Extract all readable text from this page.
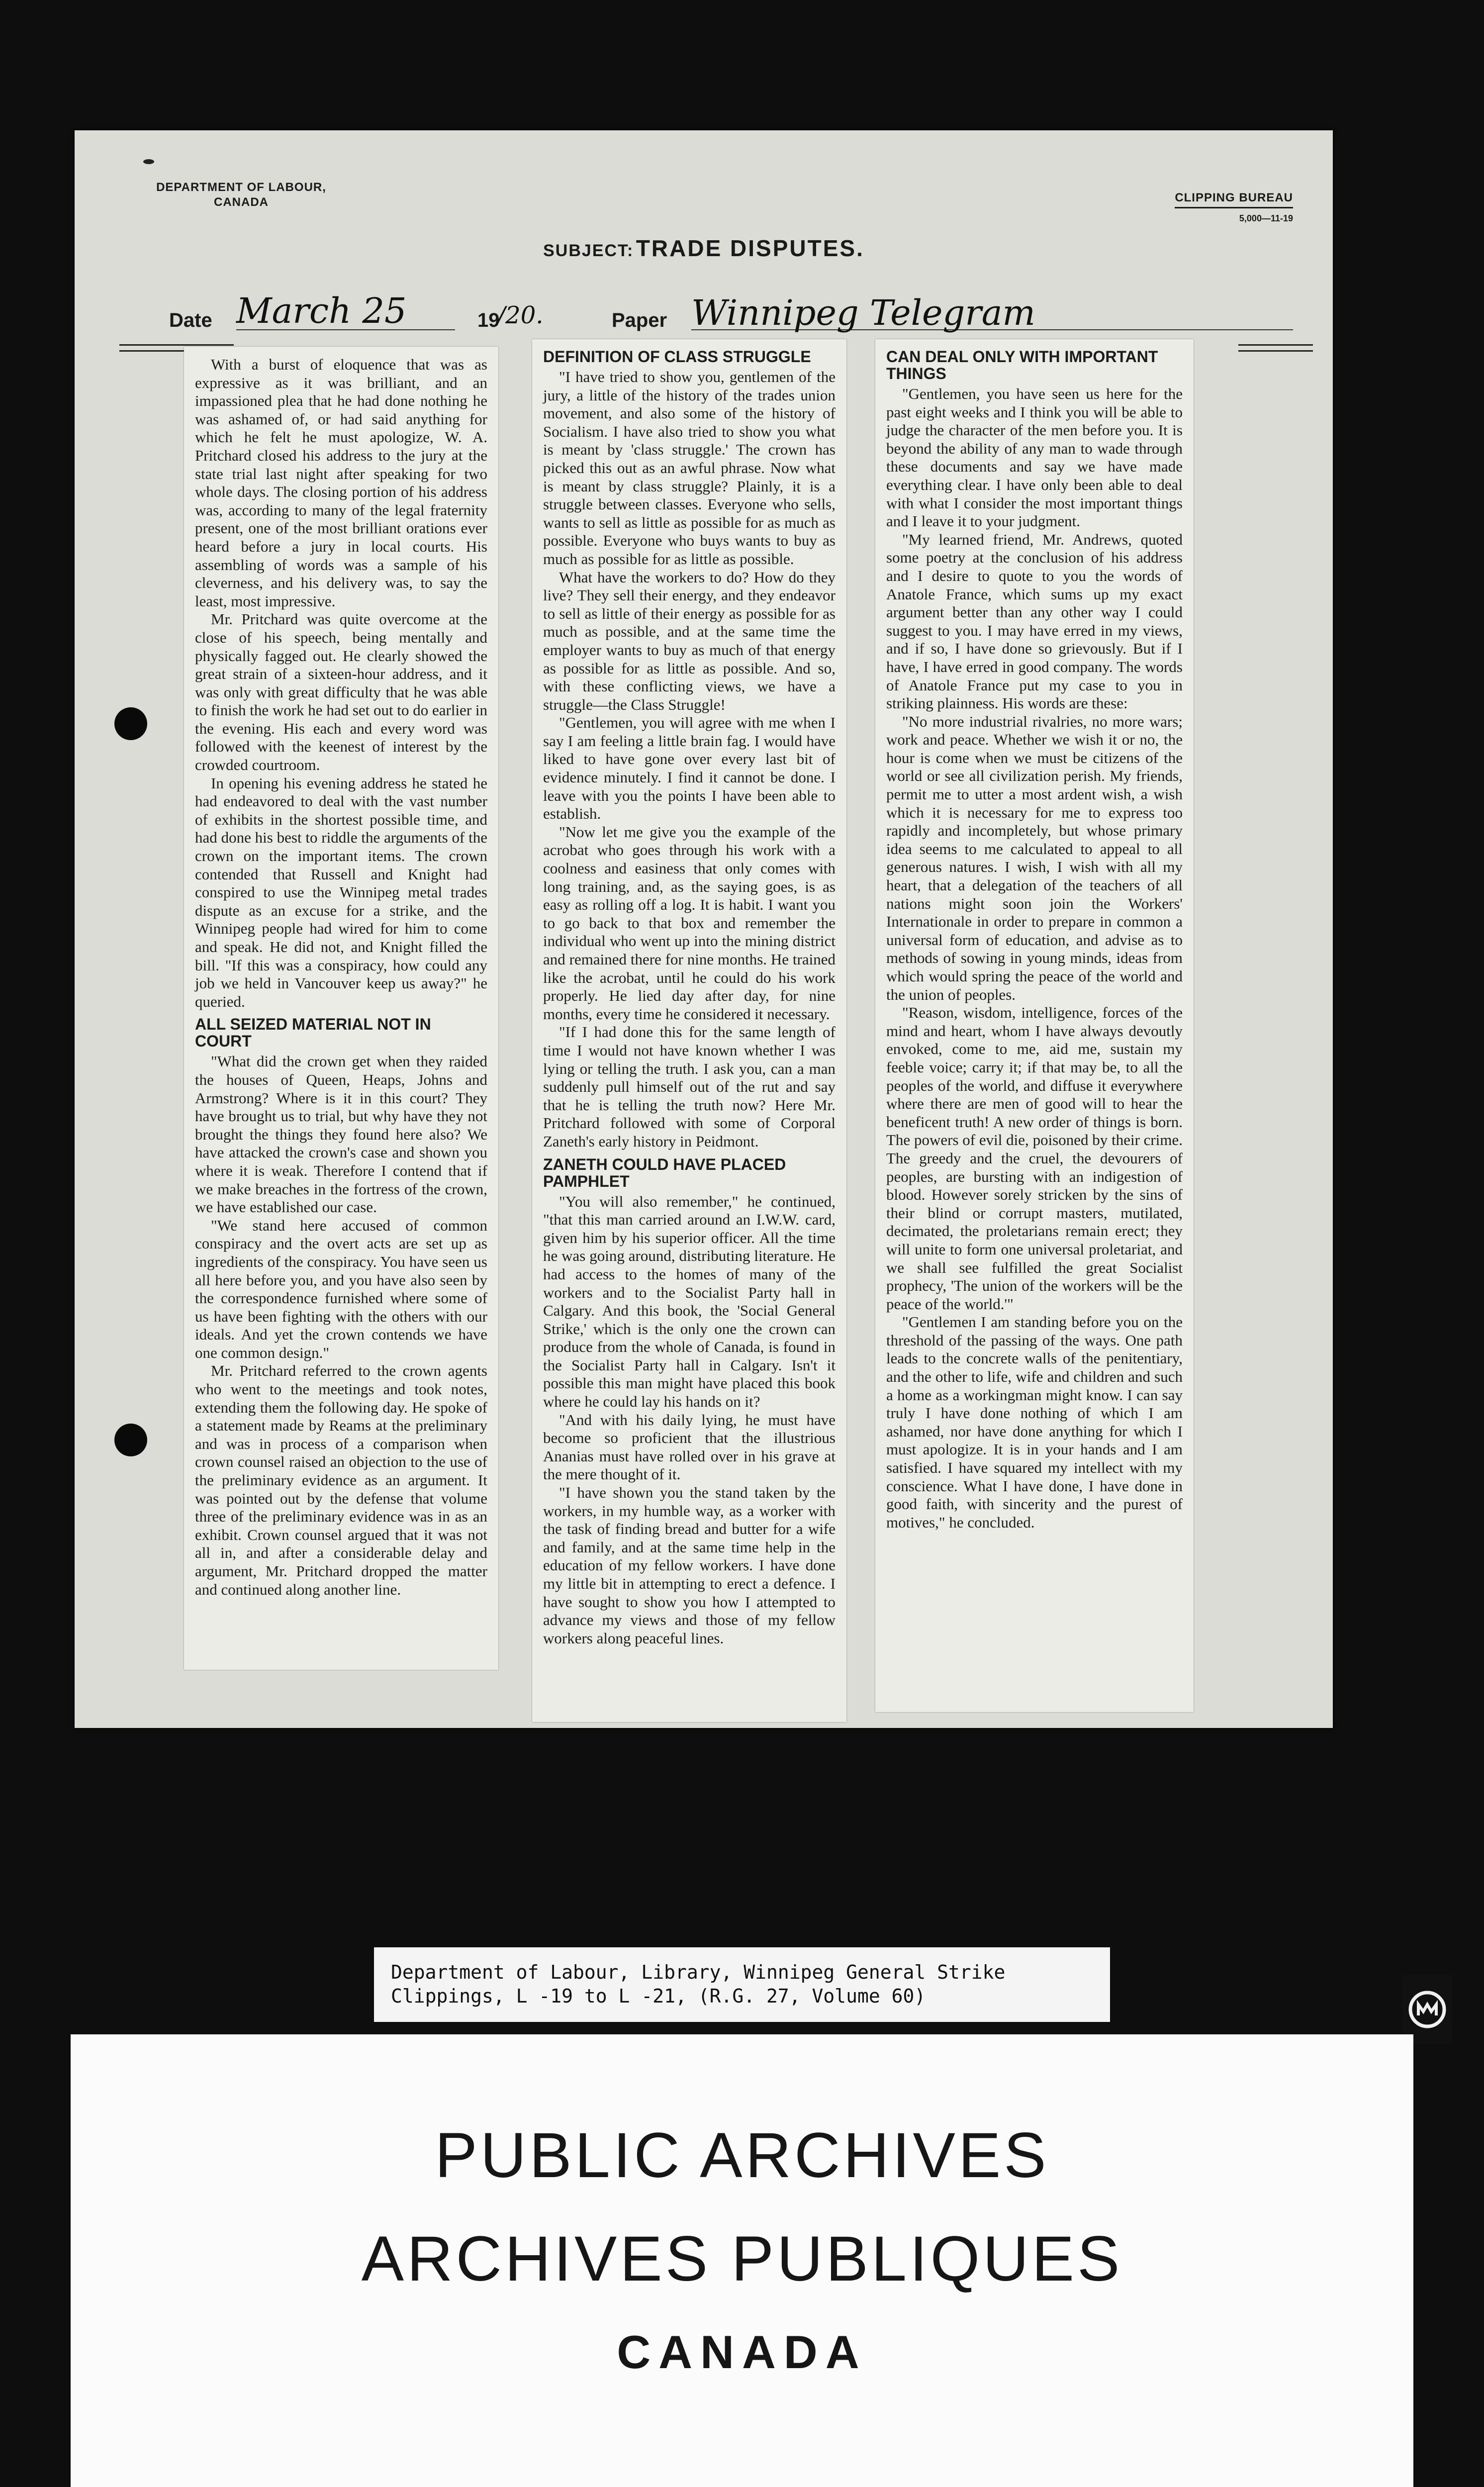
DEPARTMENT OF LABOUR,
CANADA	CLIPPING BUREAU
5,000—11-19
SUBJECT: TRADE DISPUTES.
Date March 25	19
/20.	Paper Winnipeg Telegram

With a burst of eloquence that was as expressive as it was brilliant, and an impassioned plea that he had done nothing he was ashamed of, or had said anything for which he felt he must apologize, W. A. Pritchard closed his address to the jury at the state trial last night after speaking for two whole days. The closing portion of his address was, according to many of the legal fraternity present, one of the most brilliant orations ever heard before a jury in local courts. His assembling of words was a sample of his cleverness, and his delivery was, to say the least, most impressive.

Mr. Pritchard was quite overcome at the close of his speech, being mentally and physically fagged out. He clearly showed the great strain of a sixteen-hour address, and it was only with great difficulty that he was able to finish the work he had set out to do earlier in the evening. His each and every word was followed with the keenest of interest by the crowded courtroom.

In opening his evening address he stated he had endeavored to deal with the vast number of exhibits in the shortest possible time, and had done his best to riddle the arguments of the crown on the important items. The crown contended that Russell and Knight had conspired to use the Winnipeg metal trades dispute as an excuse for a strike, and the Winnipeg people had wired for him to come and speak. He did not, and Knight filled the bill. "If this was a conspiracy, how could any job we held in Vancouver keep us away?" he queried.

ALL SEIZED MATERIAL NOT IN COURT

"What did the crown get when they raided the houses of Queen, Heaps, Johns and Armstrong? Where is it in this court? They have brought us to trial, but why have they not brought the things they found here also? We have attacked the crown's case and shown you where it is weak. Therefore I contend that if we make breaches in the fortress of the crown, we have established our case.

"We stand here accused of common conspiracy and the overt acts are set up as ingredients of the conspiracy. You have seen us all here before you, and you have also seen by the correspondence furnished where some of us have been fighting with the others with our ideals. And yet the crown contends we have one common design."

Mr. Pritchard referred to the crown agents who went to the meetings and took notes, extending them the following day. He spoke of a statement made by Reams at the preliminary and was in process of a comparison when crown counsel raised an objection to the use of the preliminary evidence as an argument. It was pointed out by the defense that volume three of the preliminary evidence was in as an exhibit. Crown counsel argued that it was not all in, and after a considerable delay and argument, Mr. Pritchard dropped the matter and continued along another line.

DEFINITION OF CLASS STRUGGLE

"I have tried to show you, gentlemen of the jury, a little of the history of the trades union movement, and also some of the history of Socialism. I have also tried to show you what is meant by 'class struggle.' The crown has picked this out as an awful phrase. Now what is meant by class struggle? Plainly, it is a struggle between classes. Everyone who sells, wants to sell as little as possible for as much as possible. Everyone who buys wants to buy as much as possible for as little as possible.

What have the workers to do? How do they live? They sell their energy, and they endeavor to sell as little of their energy as possible for as much as possible, and at the same time the employer wants to buy as much of that energy as possible for as little as possible. And so, with these conflicting views, we have a struggle—the Class Struggle!

"Gentlemen, you will agree with me when I say I am feeling a little brain fag. I would have liked to have gone over every last bit of evidence minutely. I find it cannot be done. I leave with you the points I have been able to establish.

"Now let me give you the example of the acrobat who goes through his work with a coolness and easiness that only comes with long training, and, as the saying goes, is as easy as rolling off a log. It is habit. I want you to go back to that box and remember the individual who went up into the mining district and remained there for nine months. He trained like the acrobat, until he could do his work properly. He lied day after day, for nine months, every time he considered it necessary.

"If I had done this for the same length of time I would not have known whether I was lying or telling the truth. I ask you, can a man suddenly pull himself out of the rut and say that he is telling the truth now? Here Mr. Pritchard followed with some of Corporal Zaneth's early history in Peidmont.

ZANETH COULD HAVE PLACED PAMPHLET

"You will also remember," he continued, "that this man carried around an I.W.W. card, given him by his superior officer. All the time he was going around, distributing literature. He had access to the homes of many of the workers and to the Socialist Party hall in Calgary. And this book, the 'Social General Strike,' which is the only one the crown can produce from the whole of Canada, is found in the Socialist Party hall in Calgary. Isn't it possible this man might have placed this book where he could lay his hands on it?

"And with his daily lying, he must have become so proficient that the illustrious Ananias must have rolled over in his grave at the mere thought of it.

"I have shown you the stand taken by the workers, in my humble way, as a worker with the task of finding bread and butter for a wife and family, and at the same time help in the education of my fellow workers. I have done my little bit in attempting to erect a defence. I have sought to show you how I attempted to advance my views and those of my fellow workers along peaceful lines.

CAN DEAL ONLY WITH IMPORTANT THINGS

"Gentlemen, you have seen us here for the past eight weeks and I think you will be able to judge the character of the men before you. It is beyond the ability of any man to wade through these documents and say we have made everything clear. I have only been able to deal with what I consider the most important things and I leave it to your judgment.

"My learned friend, Mr. Andrews, quoted some poetry at the conclusion of his address and I desire to quote to you the words of Anatole France, which sums up my exact argument better than any other way I could suggest to you. I may have erred in my views, and if so, I have done so grievously. But if I have, I have erred in good company. The words of Anatole France put my case to you in striking plainness. His words are these:

"No more industrial rivalries, no more wars; work and peace. Whether we wish it or no, the hour is come when we must be citizens of the world or see all civilization perish. My friends, permit me to utter a most ardent wish, a wish which it is necessary for me to express too rapidly and incompletely, but whose primary idea seems to me calculated to appeal to all generous natures. I wish, I wish with all my heart, that a delegation of the teachers of all nations might soon join the Workers' Internationale in order to prepare in common a universal form of education, and advise as to methods of sowing in young minds, ideas from which would spring the peace of the world and the union of peoples.

"Reason, wisdom, intelligence, forces of the mind and heart, whom I have always devoutly envoked, come to me, aid me, sustain my feeble voice; carry it; if that may be, to all the peoples of the world, and diffuse it everywhere where there are men of good will to hear the beneficent truth! A new order of things is born. The powers of evil die, poisoned by their crime. The greedy and the cruel, the devourers of peoples, are bursting with an indigestion of blood. However sorely stricken by the sins of their blind or corrupt masters, mutilated, decimated, the proletarians remain erect; they will unite to form one universal proletariat, and we shall see fulfilled the great Socialist prophecy, 'The union of the workers will be the peace of the world.'"

"Gentlemen I am standing before you on the threshold of the passing of the ways. One path leads to the concrete walls of the penitentiary, and the other to life, wife and children and such a home as a workingman might know. I can say truly I have done nothing of which I am ashamed, nor have done anything for which I must apologize. It is in your hands and I am satisfied. I have squared my intellect with my conscience. What I have done, I have done in good faith, with sincerity and the purest of motives," he concluded.

Department of Labour, Library, Winnipeg General Strike
Clippings, L -19 to L -21, (R.G. 27, Volume 60)
PUBLIC ARCHIVES
ARCHIVES PUBLIQUES
CANADA
